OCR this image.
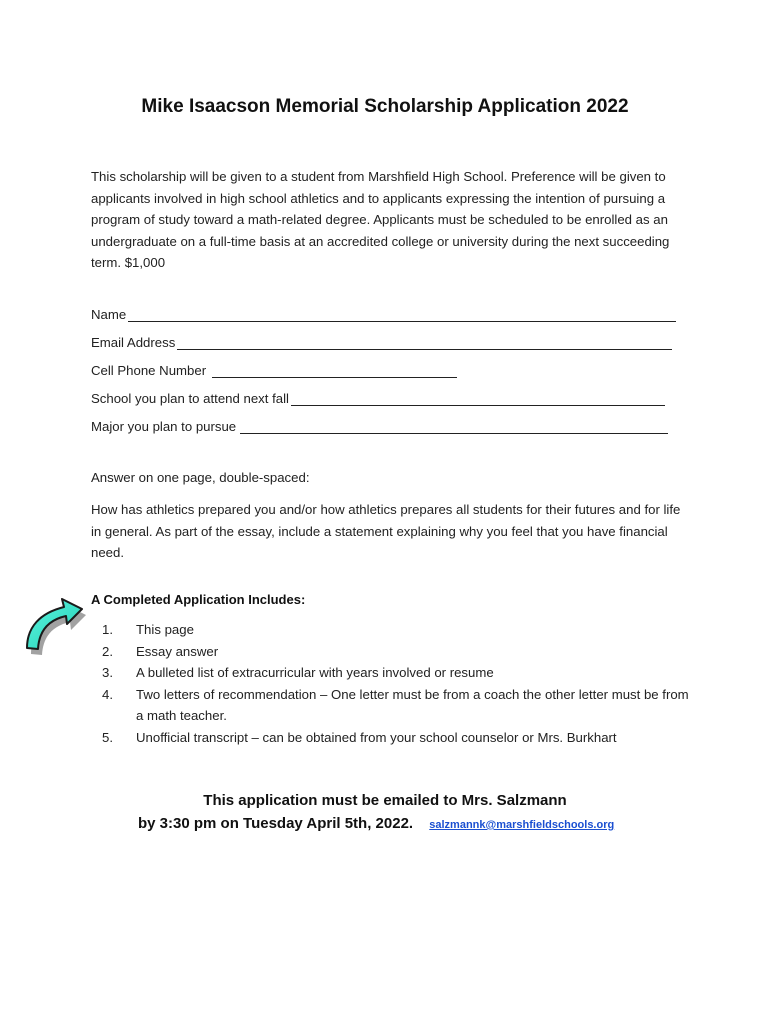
Mike Isaacson Memorial Scholarship Application 2022

This scholarship will be given to a student from Marshfield High School. Preference will be given to applicants involved in high school athletics and to applicants expressing the intention of pursuing a program of study toward a math-related degree. Applicants must be scheduled to be enrolled as an undergraduate on a full-time basis at an accredited college or university during the next succeeding term. $1,000

Name
Email Address
Cell Phone Number
School you plan to attend next fall
Major you plan to pursue

Answer on one page, double-spaced:

How has athletics prepared you and/or how athletics prepares all students for their futures and for life in general. As part of the essay, include a statement explaining why you feel that you have financial need.

A Completed Application Includes:

1.	This page
2.	Essay answer
3.	A bulleted list of extracurricular with years involved or resume
4.	Two letters of recommendation – One letter must be from a coach the other letter must be from a math teacher.
5.	Unofficial transcript – can be obtained from your school counselor or Mrs. Burkhart
This application must be emailed to Mrs. Salzmann
by 3:30 pm on Tuesday April 5th, 2022. salzmannk@marshfieldschools.org
